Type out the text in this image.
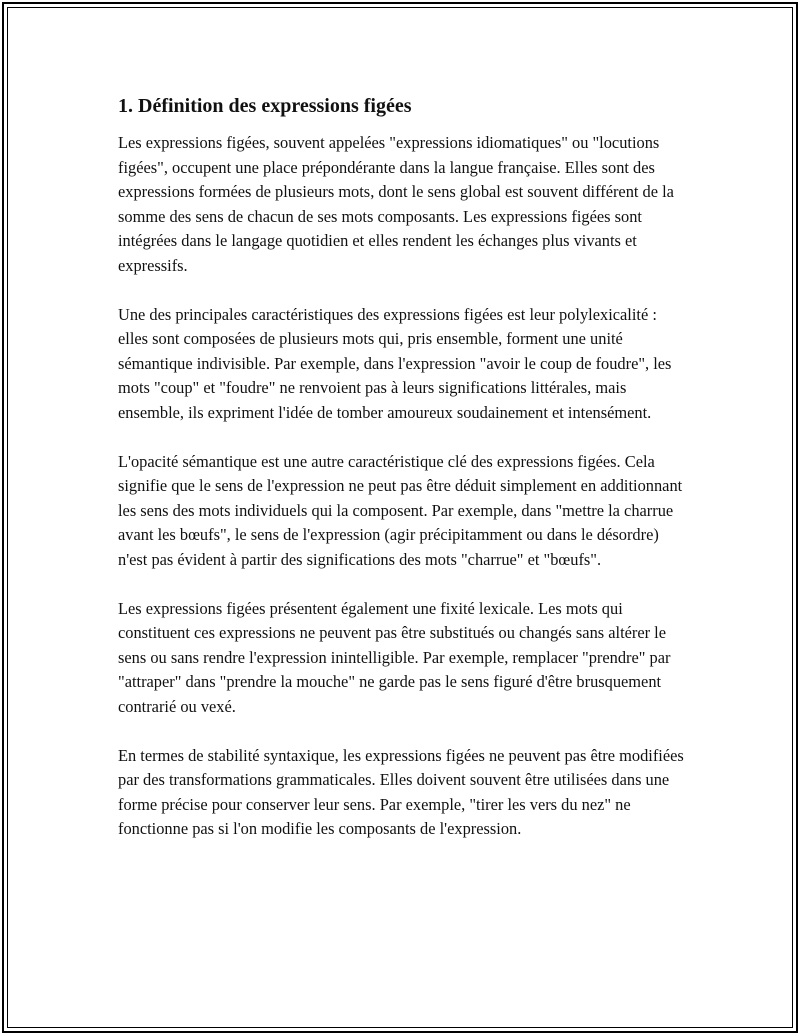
1. Définition des expressions figées

Les expressions figées, souvent appelées "expressions idiomatiques" ou "locutions figées", occupent une place prépondérante dans la langue française. Elles sont des expressions formées de plusieurs mots, dont le sens global est souvent différent de la somme des sens de chacun de ses mots composants. Les expressions figées sont intégrées dans le langage quotidien et elles rendent les échanges plus vivants et expressifs.

Une des principales caractéristiques des expressions figées est leur polylexicalité : elles sont composées de plusieurs mots qui, pris ensemble, forment une unité sémantique indivisible. Par exemple, dans l'expression "avoir le coup de foudre", les mots "coup" et "foudre" ne renvoient pas à leurs significations littérales, mais ensemble, ils expriment l'idée de tomber amoureux soudainement et intensément.

L'opacité sémantique est une autre caractéristique clé des expressions figées. Cela signifie que le sens de l'expression ne peut pas être déduit simplement en additionnant les sens des mots individuels qui la composent. Par exemple, dans "mettre la charrue avant les bœufs", le sens de l'expression (agir précipitamment ou dans le désordre) n'est pas évident à partir des significations des mots "charrue" et "bœufs".

Les expressions figées présentent également une fixité lexicale. Les mots qui constituent ces expressions ne peuvent pas être substitués ou changés sans altérer le sens ou sans rendre l'expression inintelligible. Par exemple, remplacer "prendre" par "attraper" dans "prendre la mouche" ne garde pas le sens figuré d'être brusquement contrarié ou vexé.

En termes de stabilité syntaxique, les expressions figées ne peuvent pas être modifiées par des transformations grammaticales. Elles doivent souvent être utilisées dans une forme précise pour conserver leur sens. Par exemple, "tirer les vers du nez" ne fonctionne pas si l'on modifie les composants de l'expression.
